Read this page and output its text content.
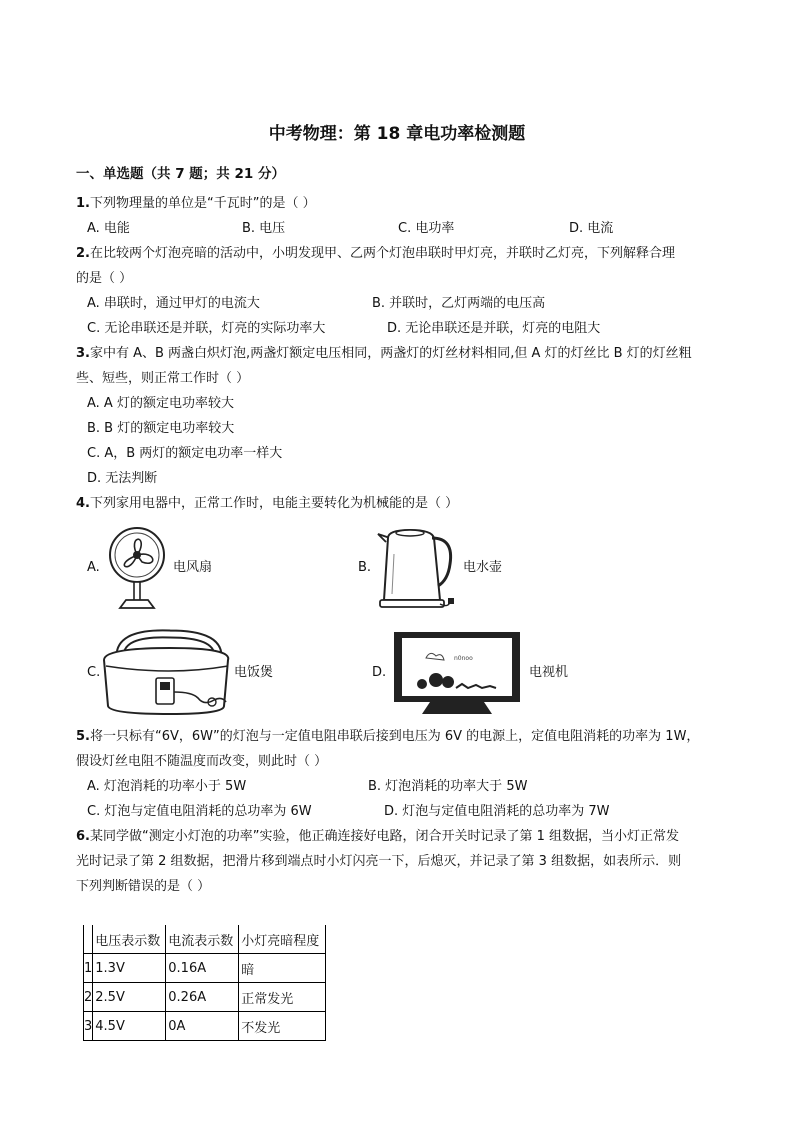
中考物理：第 18 章电功率检测题
一、单选题（共 7 题；共 21 分）
1.下列物理量的单位是“千瓦时”的是（ ）
A. 电能	B. 电压	C. 电功率	D. 电流
2.在比较两个灯泡亮暗的活动中，小明发现甲、乙两个灯泡串联时甲灯亮，并联时乙灯亮，下列解释合理
的是（ ）
A. 串联时，通过甲灯的电流大	B. 并联时，乙灯两端的电压高
C. 无论串联还是并联，灯亮的实际功率大	D. 无论串联还是并联，灯亮的电阻大
3.家中有 A、B 两盏白炽灯泡,两盏灯额定电压相同，两盏灯的灯丝材料相同,但 A 灯的灯丝比 B 灯的灯丝粗
些、短些，则正常工作时（ ）
A. A 灯的额定电功率较大
B. B 灯的额定电功率较大
C. A，B 两灯的额定电功率一样大
D. 无法判断
4.下列家用电器中，正常工作时，电能主要转化为机械能的是（ ）
A.	电风扇	B.	电水壶
C.	电饭煲	D.
n0noo
电视机
5.将一只标有“6V，6W”的灯泡与一定值电阻串联后接到电压为 6V 的电源上，定值电阻消耗的功率为 1W，
假设灯丝电阻不随温度而改变，则此时（ ）
A. 灯泡消耗的功率小于 5W	B. 灯泡消耗的功率大于 5W
C. 灯泡与定值电阻消耗的总功率为 6W	D. 灯泡与定值电阻消耗的总功率为 7W
6.某同学做“测定小灯泡的功率”实验，他正确连接好电路，闭合开关时记录了第 1 组数据，当小灯正常发
光时记录了第 2 组数据，把滑片移到端点时小灯闪亮一下，后熄灭，并记录了第 3 组数据，如表所示．则
下列判断错误的是（ ）
	电压表示数	电流表示数	小灯亮暗程度
1	1.3V	0.16A	暗
2	2.5V	0.26A	正常发光
3	4.5V	0A	不发光
